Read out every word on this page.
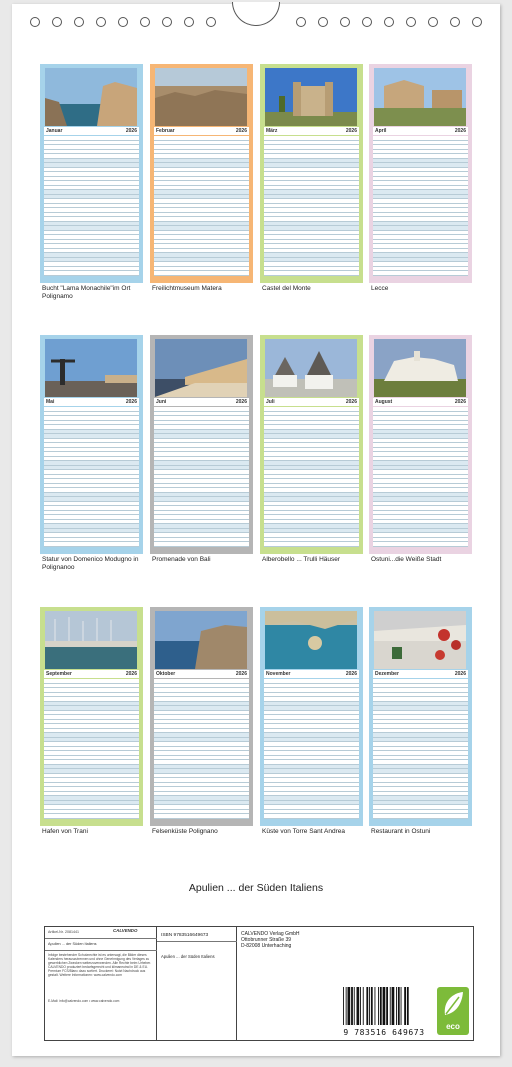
Januar	2026
Bucht "Lama Monachile"im Ort Polignamo
Februar	2026
Freilichtmuseum Matera
März	2026
Castel del Monte
April	2026
Lecce
Mai	2026
Statur von Domenico Modugno in Polignanoo
Juni	2026
Promenade von Bali
Juli	2026
Alberobello ... Trulli Häuser
August	2026
Ostuni...die Weiße Stadt
September	2026
Hafen von Trani
Oktober	2026
Felsenküste Polignano
November	2026
Küste von Torre Sant Andrea
Dezember	2026
Restaurant in Ostuni
Apulien ... der Süden Italiens
Artikel-Nr. 2081441	CALVENDO
Apulien ... der Süden Italiens
Infolge bestehender Schutzrechte ist es untersagt, die Bilder dieses Kalenders herauszutrennen und ohne Genehmigung des Verlages zu gewerblichen Zwecken weiterzuverwenden. Alle Rechte beim Urheber. CALVENDO produziert bedarfsgerecht und klimaneutral in DE & EU. Premium FCS/Blanc dazu sortiert. Druckerei: Nutzt Nachdruck aus gestalt. Weitere Informationen: www.calvendo.com
E-Mail: info@calvendo.com • www.calvendo.com
ISBN 9783516649673
Apulien ... der Süden Italiens
CALVENDO Verlag GmbH
Ottobrunner Straße 39
D-82008 Unterhaching
9 783516 649673
eco
